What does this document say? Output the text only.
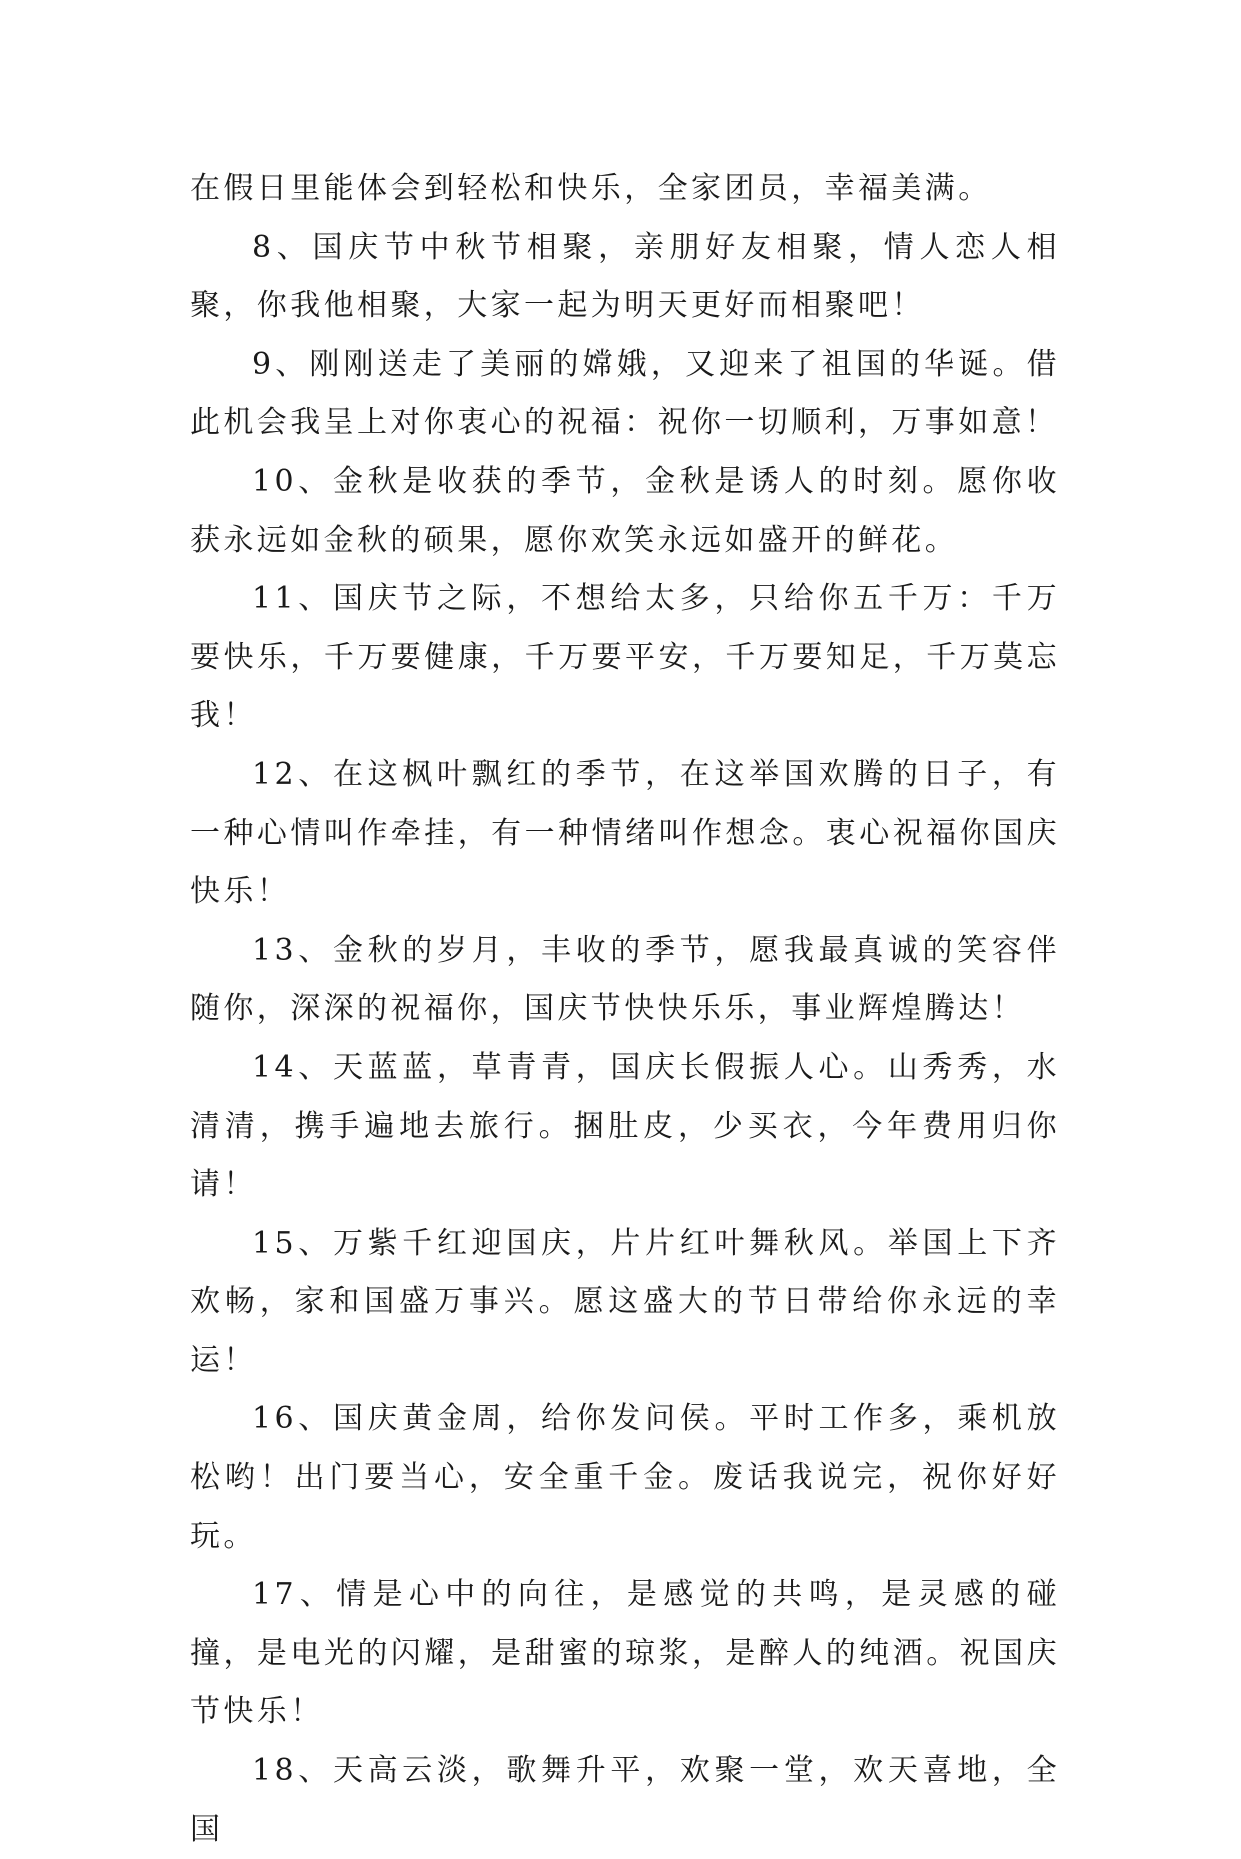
在假日里能体会到轻松和快乐，全家团员，幸福美满。

8、国庆节中秋节相聚，亲朋好友相聚，情人恋人相聚，你我他相聚，大家一起为明天更好而相聚吧！

9、刚刚送走了美丽的嫦娥，又迎来了祖国的华诞。借此机会我呈上对你衷心的祝福：祝你一切顺利，万事如意！

10、金秋是收获的季节，金秋是诱人的时刻。愿你收获永远如金秋的硕果，愿你欢笑永远如盛开的鲜花。

11、国庆节之际，不想给太多，只给你五千万：千万要快乐，千万要健康，千万要平安，千万要知足，千万莫忘我！

12、在这枫叶飘红的季节，在这举国欢腾的日子，有一种心情叫作牵挂，有一种情绪叫作想念。衷心祝福你国庆快乐！

13、金秋的岁月，丰收的季节，愿我最真诚的笑容伴随你，深深的祝福你，国庆节快快乐乐，事业辉煌腾达！

14、天蓝蓝，草青青，国庆长假振人心。山秀秀，水清清，携手遍地去旅行。捆肚皮，少买衣，今年费用归你请！

15、万紫千红迎国庆，片片红叶舞秋风。举国上下齐欢畅，家和国盛万事兴。愿这盛大的节日带给你永远的幸运！

16、国庆黄金周，给你发问侯。平时工作多，乘机放松哟！出门要当心，安全重千金。废话我说完，祝你好好玩。

17、情是心中的向往，是感觉的共鸣，是灵感的碰撞，是电光的闪耀，是甜蜜的琼浆，是醉人的纯酒。祝国庆节快乐！

18、天高云淡，歌舞升平，欢聚一堂，欢天喜地，全国
